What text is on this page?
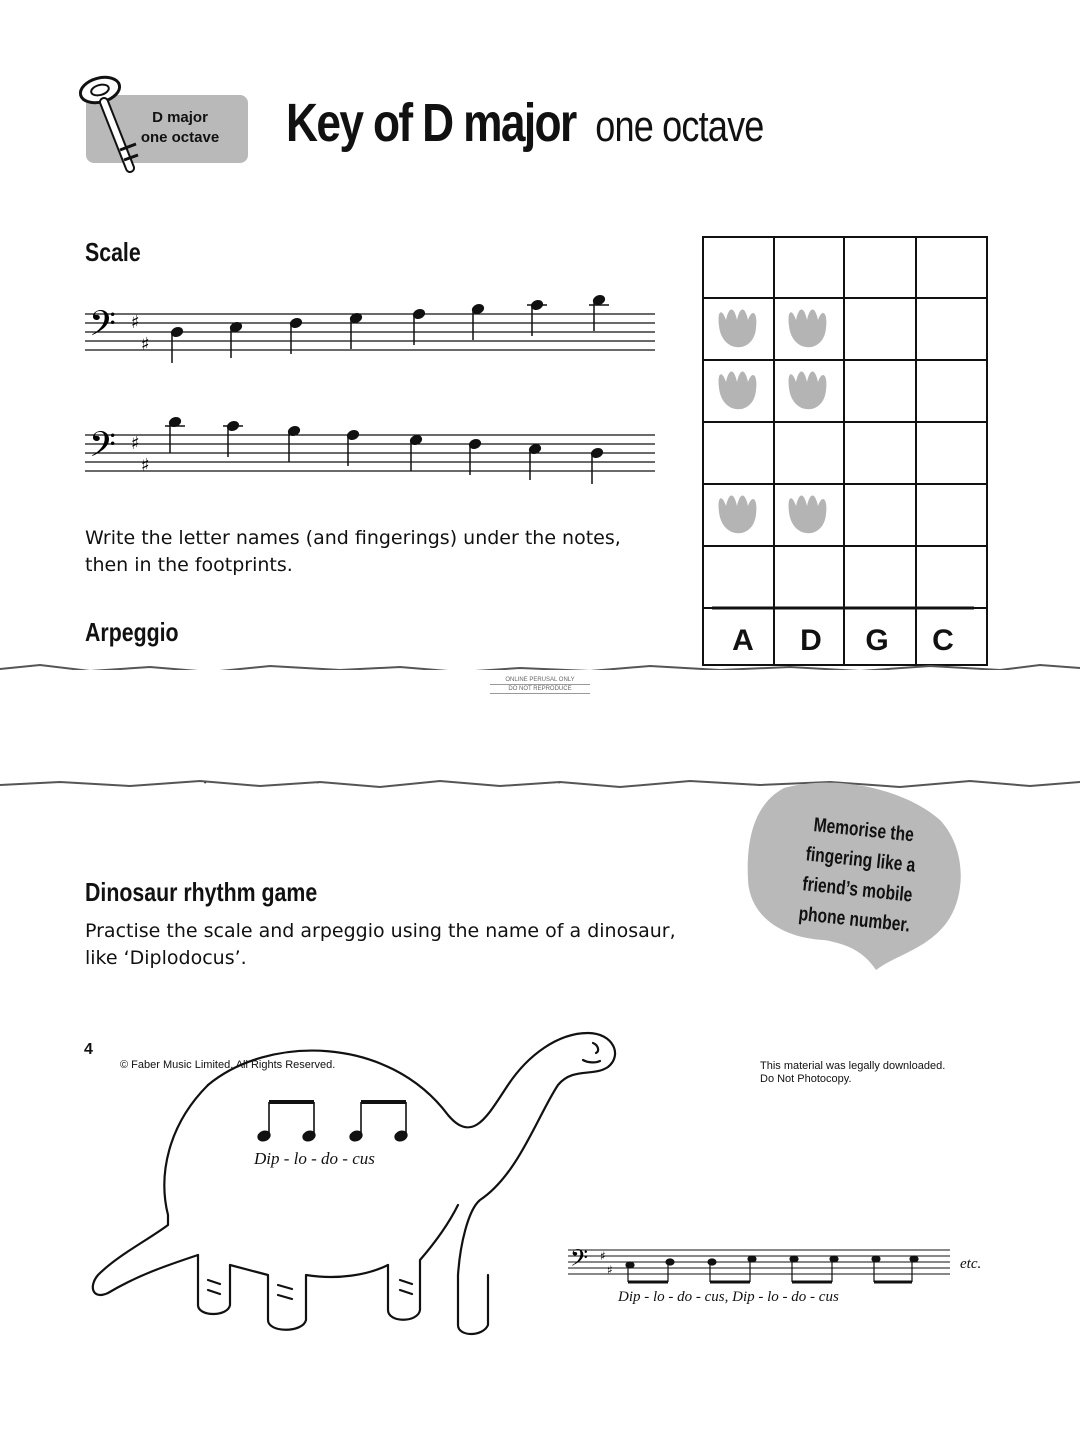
D major
one octave	Key of D major one octave
Scale
𝄢 ♯
♯
𝄢 ♯
♯
Write the letter names (and fingerings) under the notes,
then in the footprints.
Arpeggio	A	D	G	C
ONLINE PERUSAL ONLY
DO NOT REPRODUCE
Memorise the fingering like a friend’s mobile phone number.
Dinosaur rhythm game
Practise the scale and arpeggio using the name of a dinosaur,
like ‘Diplodocus’.
Dip - lo - do - cus
𝄢 ♯
♯	etc.
Dip - lo - do - cus, Dip - lo - do - cus
4
© Faber Music Limited. All Rights Reserved.	This material was legally downloaded.
Do Not Photocopy.
